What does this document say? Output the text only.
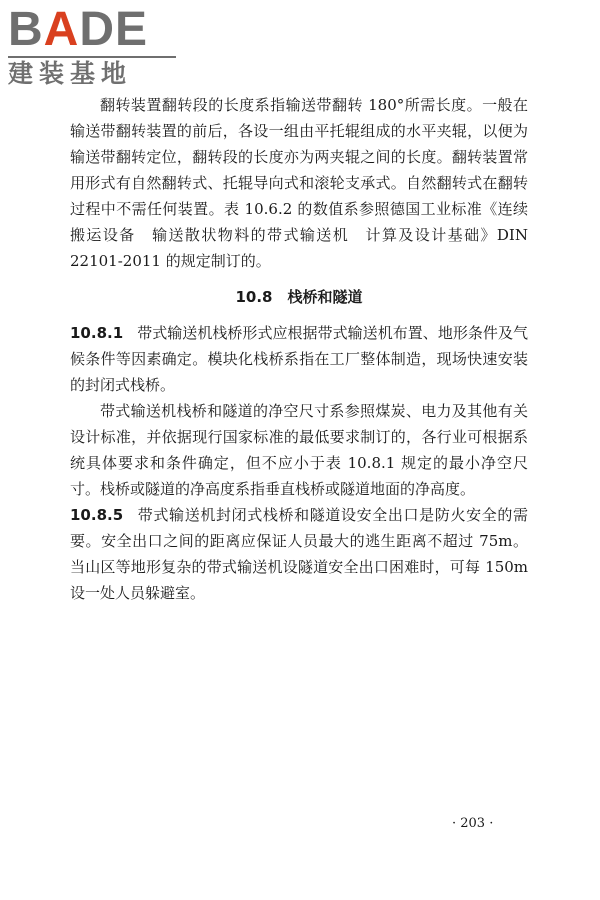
BADE
建装基地

翻转装置翻转段的长度系指输送带翻转 180°所需长度。一般在输送带翻转装置的前后，各设一组由平托辊组成的水平夹辊，以便为输送带翻转定位，翻转段的长度亦为两夹辊之间的长度。翻转装置常用形式有自然翻转式、托辊导向式和滚轮支承式。自然翻转式在翻转过程中不需任何装置。表 10.6.2 的数值系参照德国工业标准《连续搬运设备　输送散状物料的带式输送机　计算及设计基础》DIN 22101-2011 的规定制订的。

10.8　栈桥和隧道

10.8.1 带式输送机栈桥形式应根据带式输送机布置、地形条件及气候条件等因素确定。模块化栈桥系指在工厂整体制造，现场快速安装的封闭式栈桥。

带式输送机栈桥和隧道的净空尺寸系参照煤炭、电力及其他有关设计标准，并依据现行国家标准的最低要求制订的，各行业可根据系统具体要求和条件确定，但不应小于表 10.8.1 规定的最小净空尺寸。栈桥或隧道的净高度系指垂直栈桥或隧道地面的净高度。

10.8.5 带式输送机封闭式栈桥和隧道设安全出口是防火安全的需要。安全出口之间的距离应保证人员最大的逃生距离不超过 75m。当山区等地形复杂的带式输送机设隧道安全出口困难时，可每 150m 设一处人员躲避室。

· 203 ·
